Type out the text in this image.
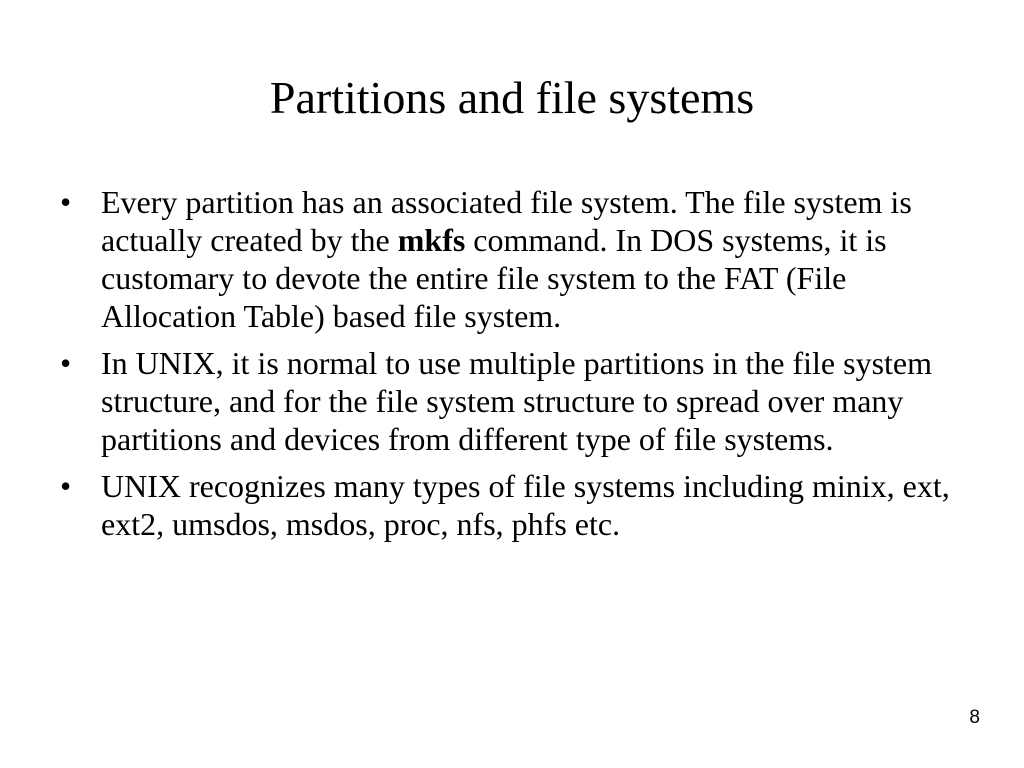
Partitions and file systems
• Every partition has an associated file system. The file system is actually created by the mkfs command. In DOS systems, it is customary to devote the entire file system to the FAT (File Allocation Table) based file system.
• In UNIX, it is normal to use multiple partitions in the file system structure, and for the file system structure to spread over many partitions and devices from different type of file systems.
• UNIX recognizes many types of file systems including minix, ext, ext2, umsdos, msdos, proc, nfs, phfs etc.
8
